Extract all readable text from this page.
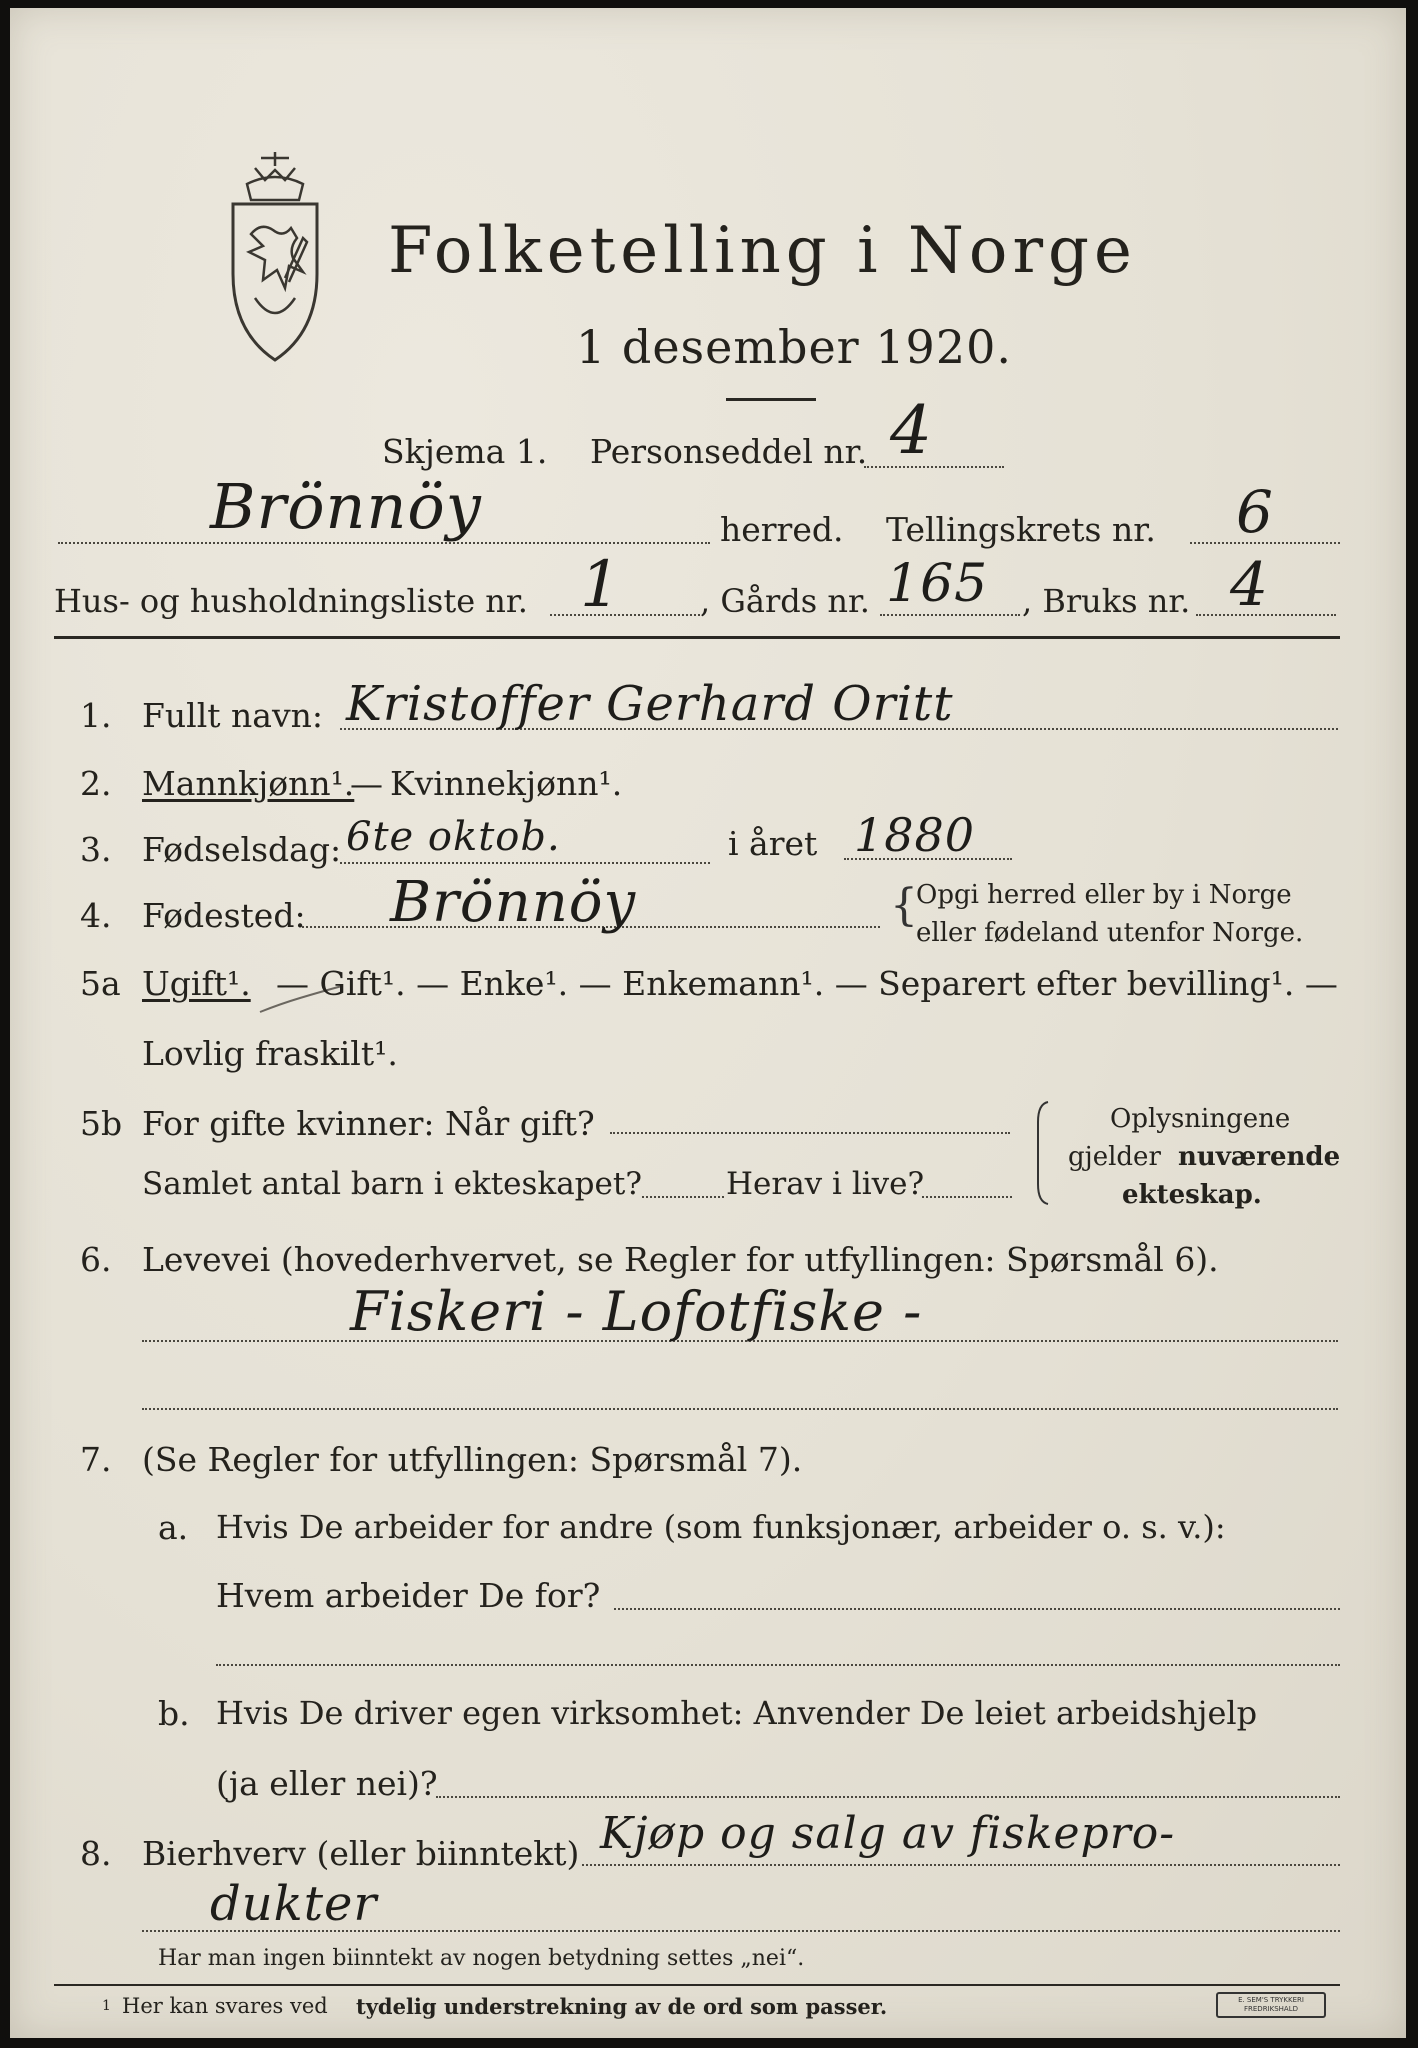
Folketelling i Norge
1 desember 1920.
Skjema 1. Personseddel nr. 4
Brönnöy	herred. Tellingskrets nr. 6
Hus- og husholdningsliste nr. 1 , Gårds nr. 165 , Bruks nr. 4
1. Fullt navn: Kristoffer Gerhard Oritt
2. Mannkjønn¹.
— Kvinnekjønn¹.
3. Fødselsdag: 6te oktob.	i året 1880
4. Fødested: Brönnöy	{
Opgi herred eller by i Norge
eller fødeland utenfor Norge.
5a Ugift¹. — Gift¹. — Enke¹. — Enkemann¹. — Separert efter bevilling¹. —
Lovlig fraskilt¹.
5b For gifte kvinner: Når gift?
Samlet antal barn i ekteskapet?	Herav i live?
Oplysningene
gjelder nuværende
ekteskap.
6. Levevei (hovederhvervet, se Regler for utfyllingen: Spørsmål 6).
Fiskeri - Lofotfiske -
7. (Se Regler for utfyllingen: Spørsmål 7).
a. Hvis De arbeider for andre (som funksjonær, arbeider o. s. v.):
Hvem arbeider De for?
b. Hvis De driver egen virksomhet: Anvender De leiet arbeidshjelp
(ja eller nei)?
8. Bierhverv (eller biinntekt) Kjøp og salg av fiskepro-
dukter
Har man ingen biinntekt av nogen betydning settes „nei“.
1 Her kan svares ved tydelig understrekning av de ord som passer.	E. SEM'S TRYKKERI
FREDRIKSHALD
